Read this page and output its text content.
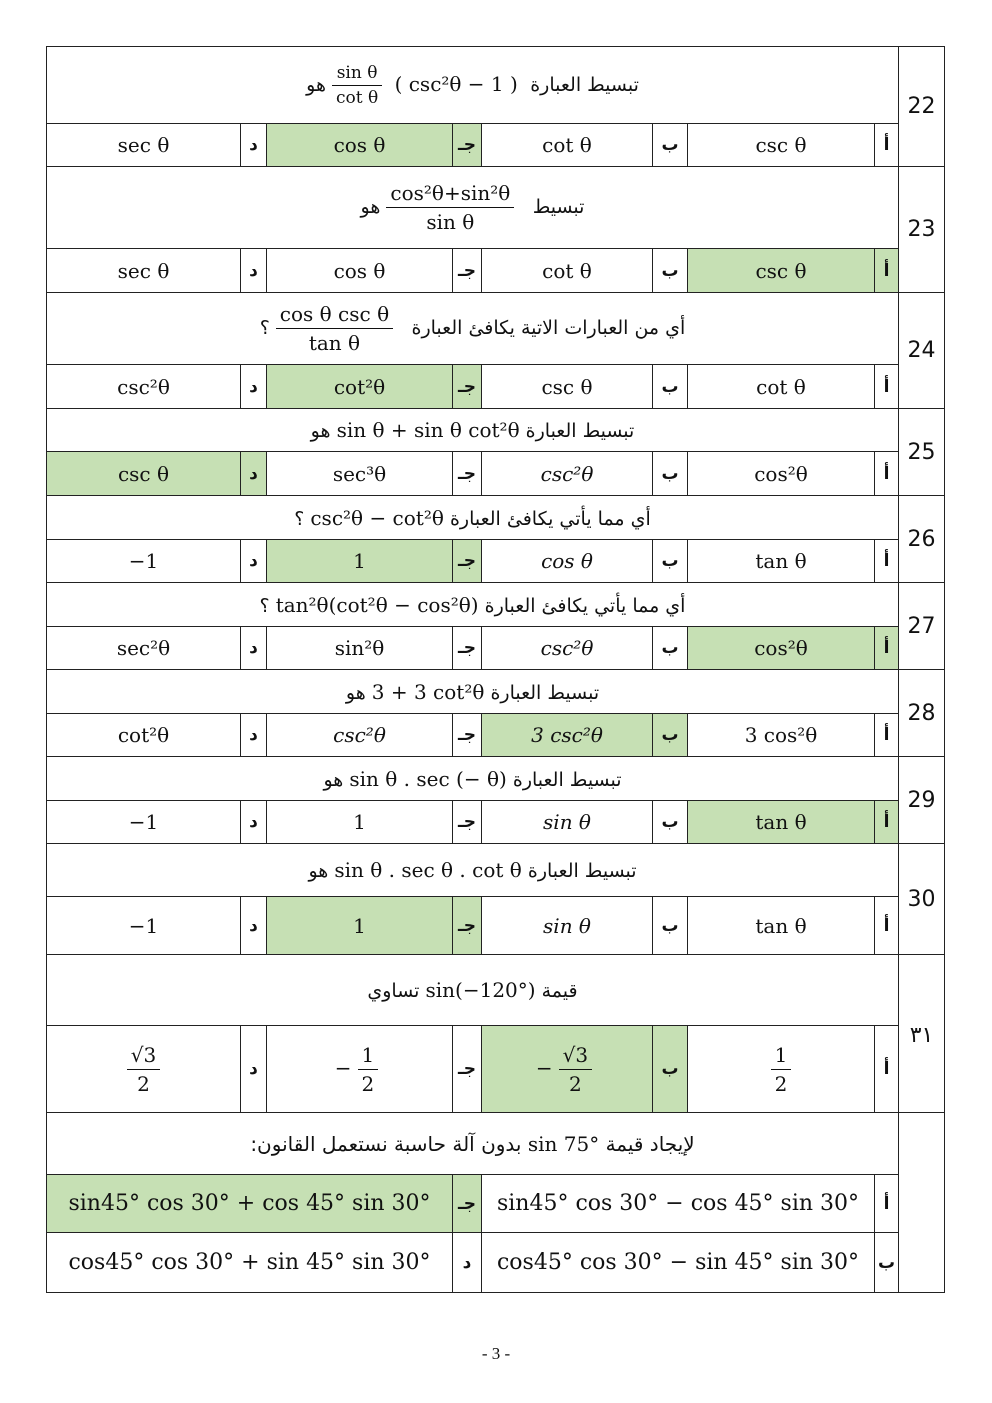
22	تبسيط العبارة
$\frac{\text{sin θ}}{\text{cot θ}}$ ( csc²θ − 1 ) هو							
	أ	csc θ	ب	cot θ	جـ	cos θ	د	sec θ
23	تبسيط
$\frac{\text{cos²θ+sin²θ}}{\text{sin θ}}$
هو							
	أ	csc θ	ب	cot θ	جـ	cos θ	د	sec θ
24	أي من العبارات الاتية يكافئ العبارة
$\frac{\text{cos θ csc θ}}{\text{tan θ}}$
؟							
	أ	cot θ	ب	csc θ	جـ	cot²θ	د	csc²θ
25	تبسيط العبارة sin θ + sin θ cot²θ هو							
	أ	cos²θ	ب	csc²θ	جـ	sec³θ	د	csc θ
26	أي مما يأتي يكافئ العبارة csc²θ − cot²θ ؟							
	أ	tan θ	ب	cos θ	جـ	1	د	−1
27	أي مما يأتي يكافئ العبارة tan²θ(cot²θ − cos²θ) ؟							
	أ	cos²θ	ب	csc²θ	جـ	sin²θ	د	sec²θ
28	تبسيط العبارة 3 + 3 cot²θ هو							
	أ	3 cos²θ	ب	3 csc²θ	جـ	csc²θ	د	cot²θ
29	تبسيط العبارة sin θ . sec (− θ) هو							
	أ	tan θ	ب	sin θ	جـ	1	د	−1
30	تبسيط العبارة sin θ . sec θ . cot θ هو							
	أ	tan θ	ب	sin θ	جـ	1	د	−1
٣١	قيمة sin(−120°) تساوي							
	أ	$\frac{1}{2}$	ب	− $\frac{√3}{2}$	جـ	− $\frac{1}{2}$	د	$\frac{√3}{2}$

	لإيجاد قيمة sin 75° بدون آلة حاسبة نستعمل القانون:							
	أ	sin45° cos 30° − cos 45° sin 30°			جـ	sin45° cos 30° + cos 45° sin 30°		
	ب	cos45° cos 30° − sin 45° sin 30°			د	cos45° cos 30° + sin 45° sin 30°		
- 3 -
